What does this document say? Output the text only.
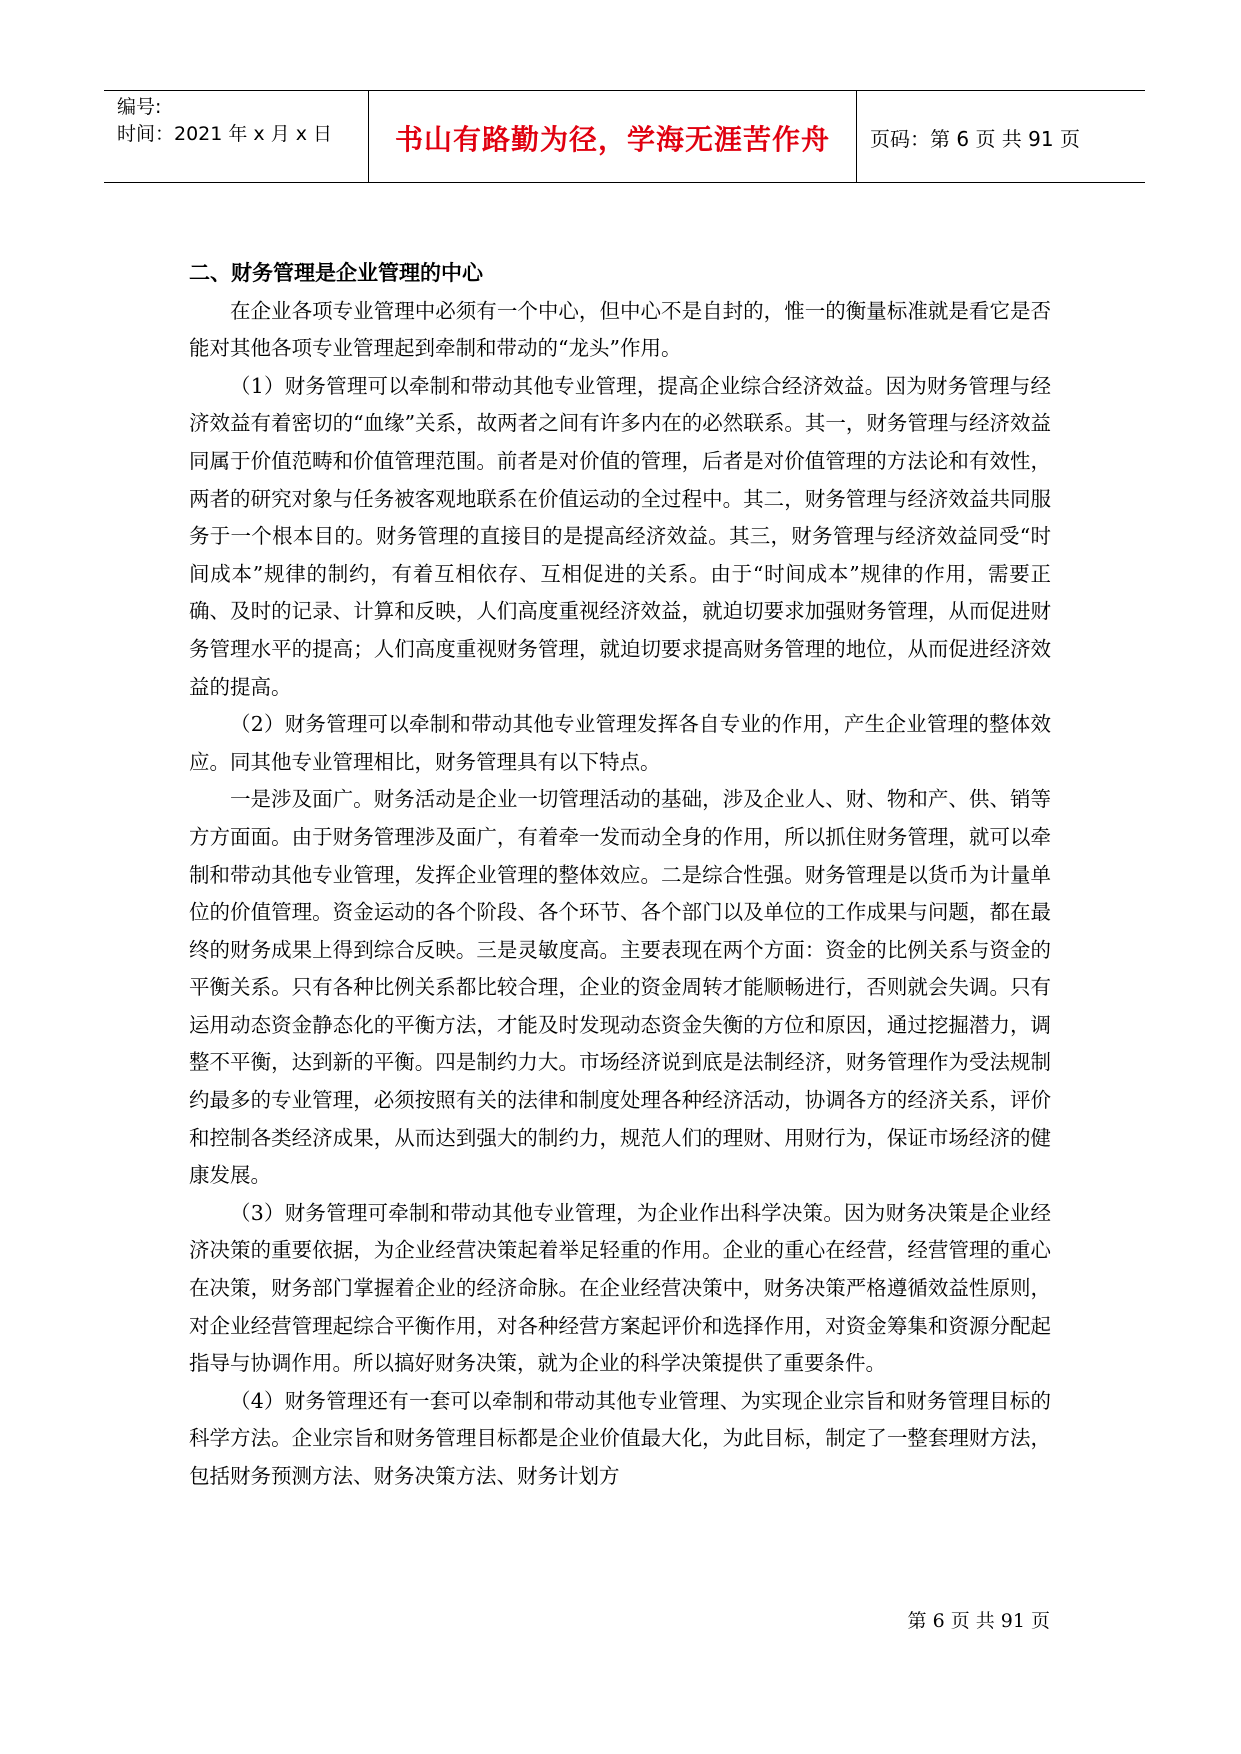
编号:
时间：2021 年 x 月 x 日	书山有路勤为径，学海无涯苦作舟	页码：第 6 页 共 91 页

二、财务管理是企业管理的中心

在企业各项专业管理中必须有一个中心，但中心不是自封的，惟一的衡量标准就是看它是否能对其他各项专业管理起到牵制和带动的“龙头”作用。

（1）财务管理可以牵制和带动其他专业管理，提高企业综合经济效益。因为财务管理与经济效益有着密切的“血缘”关系，故两者之间有许多内在的必然联系。其一，财务管理与经济效益同属于价值范畴和价值管理范围。前者是对价值的管理，后者是对价值管理的方法论和有效性，两者的研究对象与任务被客观地联系在价值运动的全过程中。其二，财务管理与经济效益共同服务于一个根本目的。财务管理的直接目的是提高经济效益。其三，财务管理与经济效益同受“时间成本”规律的制约，有着互相依存、互相促进的关系。由于“时间成本”规律的作用，需要正确、及时的记录、计算和反映，人们高度重视经济效益，就迫切要求加强财务管理，从而促进财务管理水平的提高；人们高度重视财务管理，就迫切要求提高财务管理的地位，从而促进经济效益的提高。

（2）财务管理可以牵制和带动其他专业管理发挥各自专业的作用，产生企业管理的整体效应。同其他专业管理相比，财务管理具有以下特点。

一是涉及面广。财务活动是企业一切管理活动的基础，涉及企业人、财、物和产、供、销等方方面面。由于财务管理涉及面广，有着牵一发而动全身的作用，所以抓住财务管理，就可以牵制和带动其他专业管理，发挥企业管理的整体效应。二是综合性强。财务管理是以货币为计量单位的价值管理。资金运动的各个阶段、各个环节、各个部门以及单位的工作成果与问题，都在最终的财务成果上得到综合反映。三是灵敏度高。主要表现在两个方面：资金的比例关系与资金的平衡关系。只有各种比例关系都比较合理，企业的资金周转才能顺畅进行，否则就会失调。只有运用动态资金静态化的平衡方法，才能及时发现动态资金失衡的方位和原因，通过挖掘潜力，调整不平衡，达到新的平衡。四是制约力大。市场经济说到底是法制经济，财务管理作为受法规制约最多的专业管理，必须按照有关的法律和制度处理各种经济活动，协调各方的经济关系，评价和控制各类经济成果，从而达到强大的制约力，规范人们的理财、用财行为，保证市场经济的健康发展。

（3）财务管理可牵制和带动其他专业管理，为企业作出科学决策。因为财务决策是企业经济决策的重要依据，为企业经营决策起着举足轻重的作用。企业的重心在经营，经营管理的重心在决策，财务部门掌握着企业的经济命脉。在企业经营决策中，财务决策严格遵循效益性原则，对企业经营管理起综合平衡作用，对各种经营方案起评价和选择作用，对资金筹集和资源分配起指导与协调作用。所以搞好财务决策，就为企业的科学决策提供了重要条件。

（4）财务管理还有一套可以牵制和带动其他专业管理、为实现企业宗旨和财务管理目标的科学方法。企业宗旨和财务管理目标都是企业价值最大化，为此目标，制定了一整套理财方法，包括财务预测方法、财务决策方法、财务计划方

第 6 页 共 91 页
